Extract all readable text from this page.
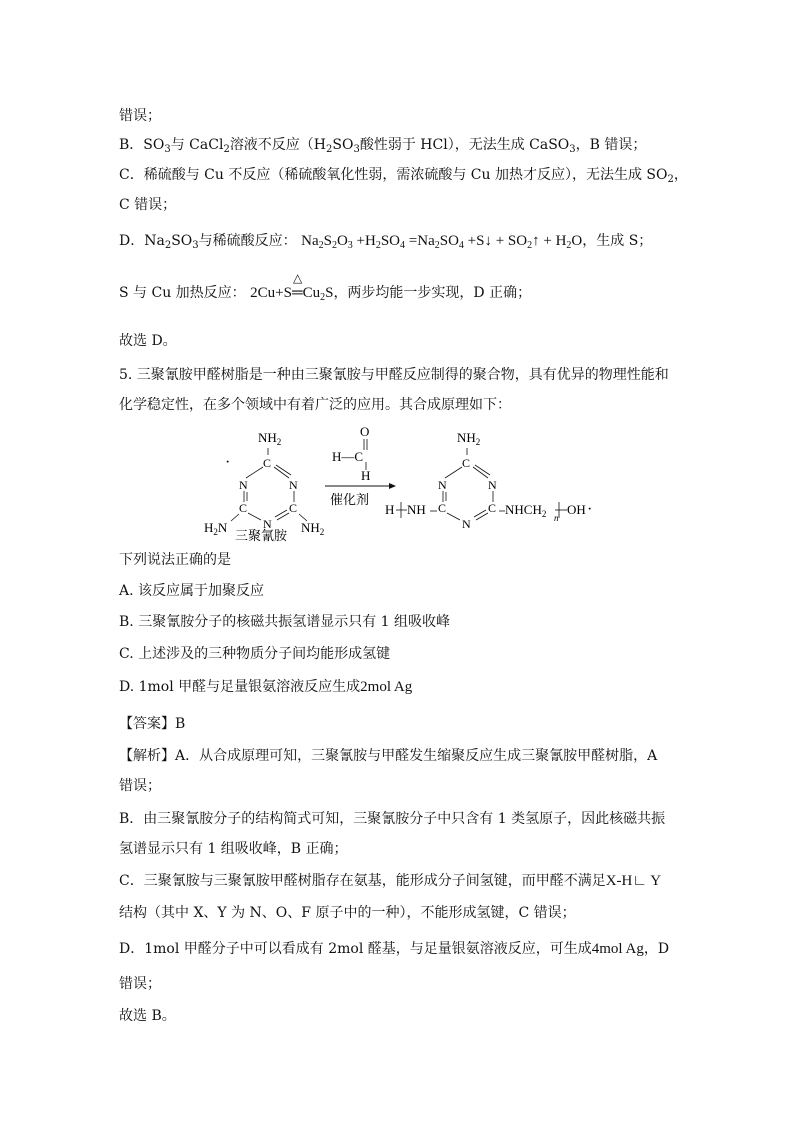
错误；
B．$SO_3$与 CaCl$_2$溶液不反应（$H_2SO_3$酸性弱于 HCl），无法生成 CaSO$_3$，B 错误；
C．稀硫酸与 Cu 不反应（稀硫酸氧化性弱，需浓硫酸与 Cu 加热才反应），无法生成 $SO_2$，
C 错误；
D．$Na_2SO_3$与稀硫酸反应： $Na_2S_2O_3 +H_2SO_4 =Na_2SO_4$ +S↓ + $SO_2↑ + H_2O$，生成 S；
S 与 Cu 加热反应： 2Cu+S═
△
$Cu_2S$，两步均能一步实现，D 正确；
故选 D。
5. 三聚氰胺甲醛树脂是一种由三聚氰胺与甲醛反应制得的聚合物，具有优异的物理性能和
化学稳定性，在多个领域中有着广泛的应用。其合成原理如下：
·
$NH_2$
C
N	N
C	C
N
$H_2N$	$NH_2$
三聚氰胺
O
H—C
H
催化剂
$NH_2$
C
N	N
C	C
N
H NH	$NHCH_2$ n
OH ·
下列说法正确的是
A. 该反应属于加聚反应
B. 三聚氰胺分子的核磁共振氢谱显示只有 1 组吸收峰
C. 上述涉及的三种物质分子间均能形成氢键
D. 1mol 甲醛与足量银氨溶液反应生成2mol Ag
【答案】B
【解析】A．从合成原理可知，三聚氰胺与甲醛发生缩聚反应生成三聚氰胺甲醛树脂，A
错误；
B．由三聚氰胺分子的结构简式可知，三聚氰胺分子中只含有 1 类氢原子，因此核磁共振
氢谱显示只有 1 组吸收峰，B 正确；
C．三聚氰胺与三聚氰胺甲醛树脂存在氨基，能形成分子间氢键，而甲醛不满足X-H∟ Y
结构（其中 X、Y 为 N、O、F 原子中的一种），不能形成氢键，C 错误；
D．1mol 甲醛分子中可以看成有 2mol 醛基，与足量银氨溶液反应，可生成4mol Ag，D
错误；
故选 B。
